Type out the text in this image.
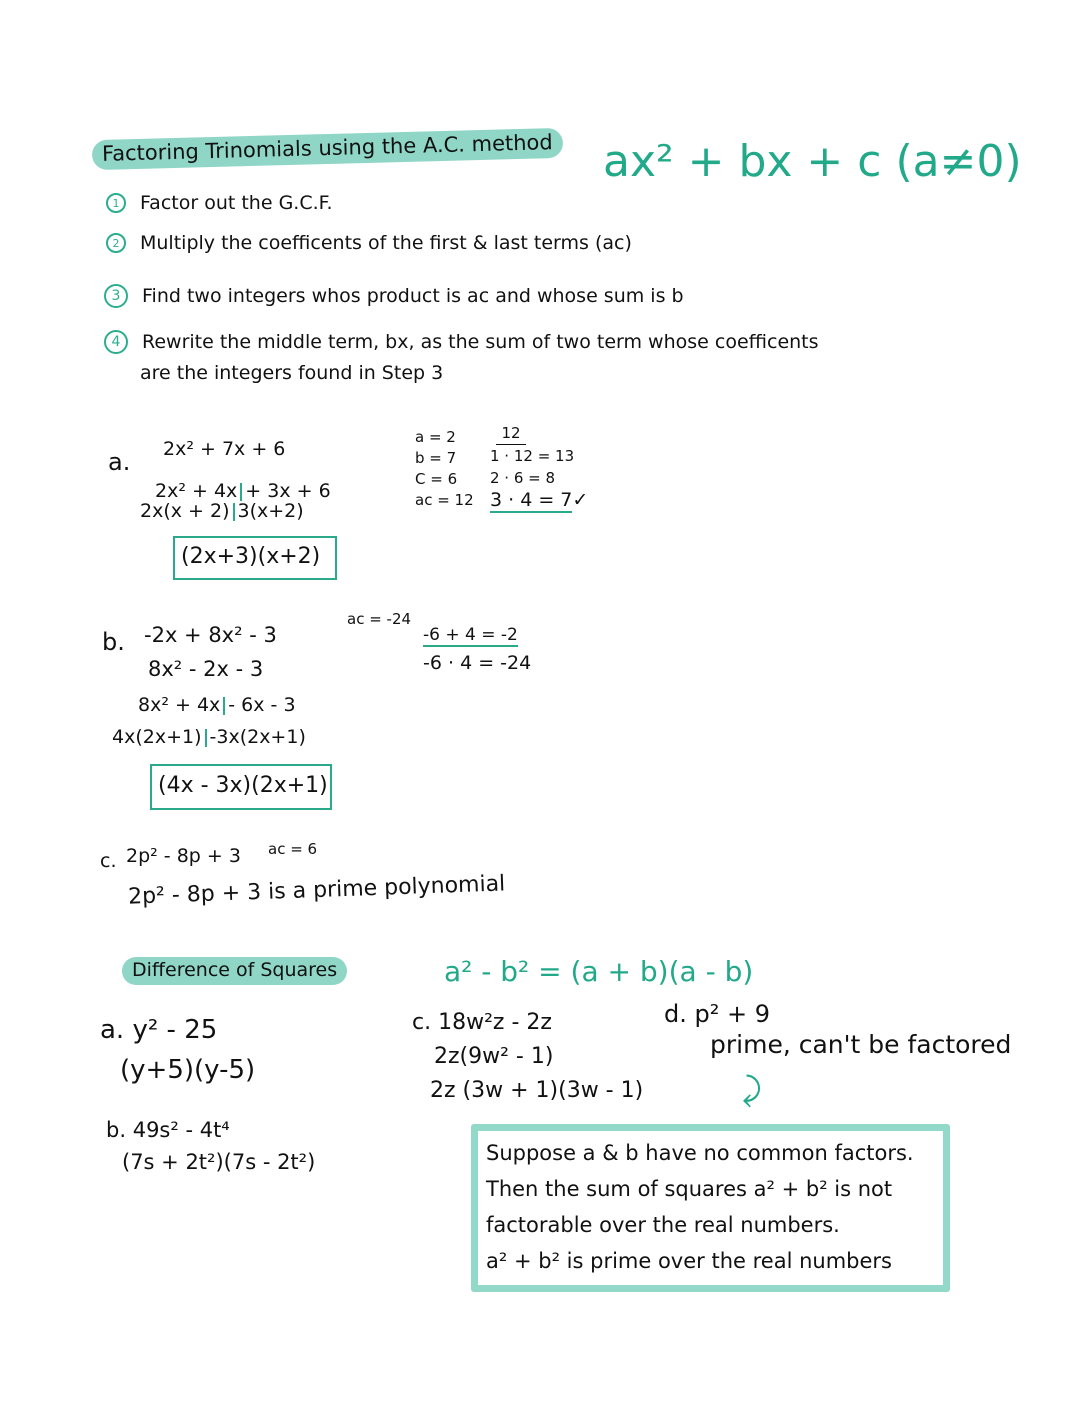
Factoring Trinomials using the A.C. method ax² + bx + c (a≠0)
1	Factor out the G.C.F.
2	Multiply the coefficents of the first & last terms (ac)
3	Find two integers whos product is ac and whose sum is b
4	Rewrite the middle term, bx, as the sum of two term whose coefficents
are the integers found in Step 3
a. 2x² + 7x + 6
2x² + 4x + 3x + 6
2x(x + 2) 3(x+2)
(2x+3)(x+2)
a = 2
b = 7
C = 6
ac = 12
12
1 · 12 = 13
2 · 6 = 8
3 · 4 = 7✓
b. -2x + 8x² - 3
8x² - 2x - 3
8x² + 4x - 6x - 3
4x(2x+1) -3x(2x+1)
(4x - 3x)(2x+1)
ac = -24
-6 + 4 = -2
-6 · 4 = -24
c. 2p² - 8p + 3 ac = 6
2p² - 8p + 3 is a prime polynomial
Difference of Squares	a² - b² = (a + b)(a - b)
a. y² - 25
(y+5)(y-5)
b. 49s² - 4t⁴
(7s + 2t²)(7s - 2t²)
c. 18w²z - 2z
2z(9w² - 1)
2z (3w + 1)(3w - 1)
d. p² + 9
prime, can't be factored
⤸
Suppose a & b have no common factors.
Then the sum of squares a² + b² is not
factorable over the real numbers.
a² + b² is prime over the real numbers
